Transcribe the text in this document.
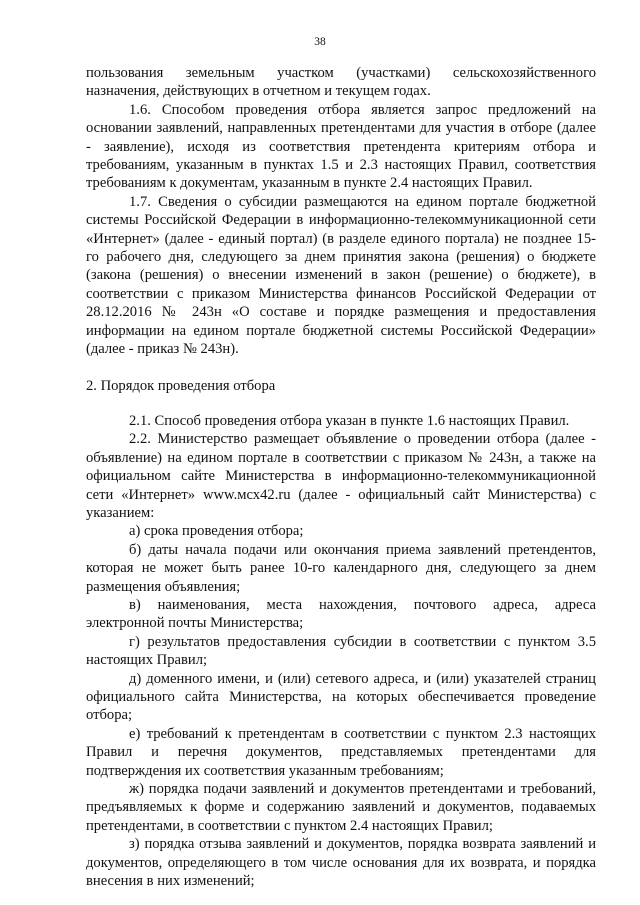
38

пользования земельным участком (участками) сельскохозяйственного назначения, действующих в отчетном и текущем годах.

1.6. Способом проведения отбора является запрос предложений на основании заявлений, направленных претендентами для участия в отборе (далее - заявление), исходя из соответствия претендента критериям отбора и требованиям, указанным в пунктах 1.5 и 2.3 настоящих Правил, соответствия требованиям к документам, указанным в пункте 2.4 настоящих Правил.

1.7. Сведения о субсидии размещаются на едином портале бюджетной системы Российской Федерации в информационно-телекоммуникационной сети «Интернет» (далее - единый портал) (в разделе единого портала) не позднее 15-го рабочего дня, следующего за днем принятия закона (решения) о бюджете (закона (решения) о внесении изменений в закон (решение) о бюджете), в соответствии с приказом Министерства финансов Российской Федерации от 28.12.2016 № 243н «О составе и порядке размещения и предоставления информации на едином портале бюджетной системы Российской Федерации» (далее - приказ № 243н).

2. Порядок проведения отбора

2.1. Способ проведения отбора указан в пункте 1.6 настоящих Правил.

2.2. Министерство размещает объявление о проведении отбора (далее - объявление) на едином портале в соответствии с приказом № 243н, а также на официальном сайте Министерства в информационно-телекоммуникационной сети «Интернет» www.мсх42.ru (далее - официальный сайт Министерства) с указанием:

а) срока проведения отбора;

б) даты начала подачи или окончания приема заявлений претендентов, которая не может быть ранее 10-го календарного дня, следующего за днем размещения объявления;

в) наименования, места нахождения, почтового адреса, адреса электронной почты Министерства;

г) результатов предоставления субсидии в соответствии с пунктом 3.5 настоящих Правил;

д) доменного имени, и (или) сетевого адреса, и (или) указателей страниц официального сайта Министерства, на которых обеспечивается проведение отбора;

е) требований к претендентам в соответствии с пунктом 2.3 настоящих Правил и перечня документов, представляемых претендентами для подтверждения их соответствия указанным требованиям;

ж) порядка подачи заявлений и документов претендентами и требований, предъявляемых к форме и содержанию заявлений и документов, подаваемых претендентами, в соответствии с пунктом 2.4 настоящих Правил;

з) порядка отзыва заявлений и документов, порядка возврата заявлений и документов, определяющего в том числе основания для их возврата, и порядка внесения в них изменений;
